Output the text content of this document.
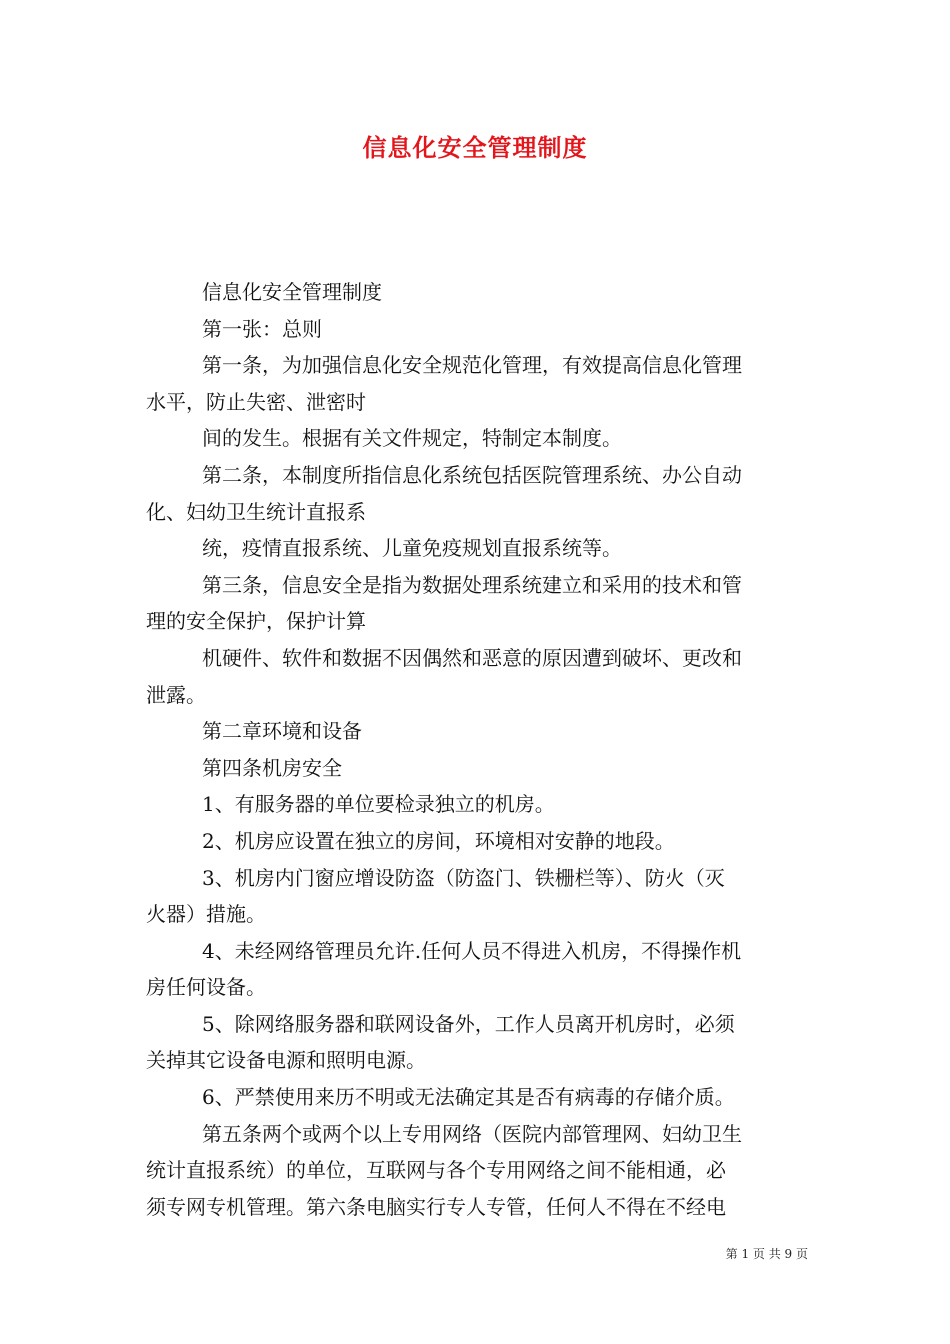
信息化安全管理制度

信息化安全管理制度

第一张：总则

第一条，为加强信息化安全规范化管理，有效提高信息化管理
水平，防止失密、泄密时

间的发生。根据有关文件规定，特制定本制度。

第二条，本制度所指信息化系统包括医院管理系统、办公自动
化、妇幼卫生统计直报系

统，疫情直报系统、儿童免疫规划直报系统等。

第三条，信息安全是指为数据处理系统建立和采用的技术和管
理的安全保护，保护计算

机硬件、软件和数据不因偶然和恶意的原因遭到破坏、更改和
泄露。

第二章环境和设备

第四条机房安全

1、有服务器的单位要检录独立的机房。

2、机房应设置在独立的房间，环境相对安静的地段。

3、机房内门窗应增设防盗（防盗门、铁栅栏等）、防火（灭
火器）措施。

4、未经网络管理员允许.任何人员不得进入机房，不得操作机
房任何设备。

5、除网络服务器和联网设备外，工作人员离开机房时，必须
关掉其它设备电源和照明电源。

6、严禁使用来历不明或无法确定其是否有病毒的存储介质。

第五条两个或两个以上专用网络（医院内部管理网、妇幼卫生
统计直报系统）的单位，互联网与各个专用网络之间不能相通，必
须专网专机管理。第六条电脑实行专人专管，任何人不得在不经电

第 1 页 共 9 页
